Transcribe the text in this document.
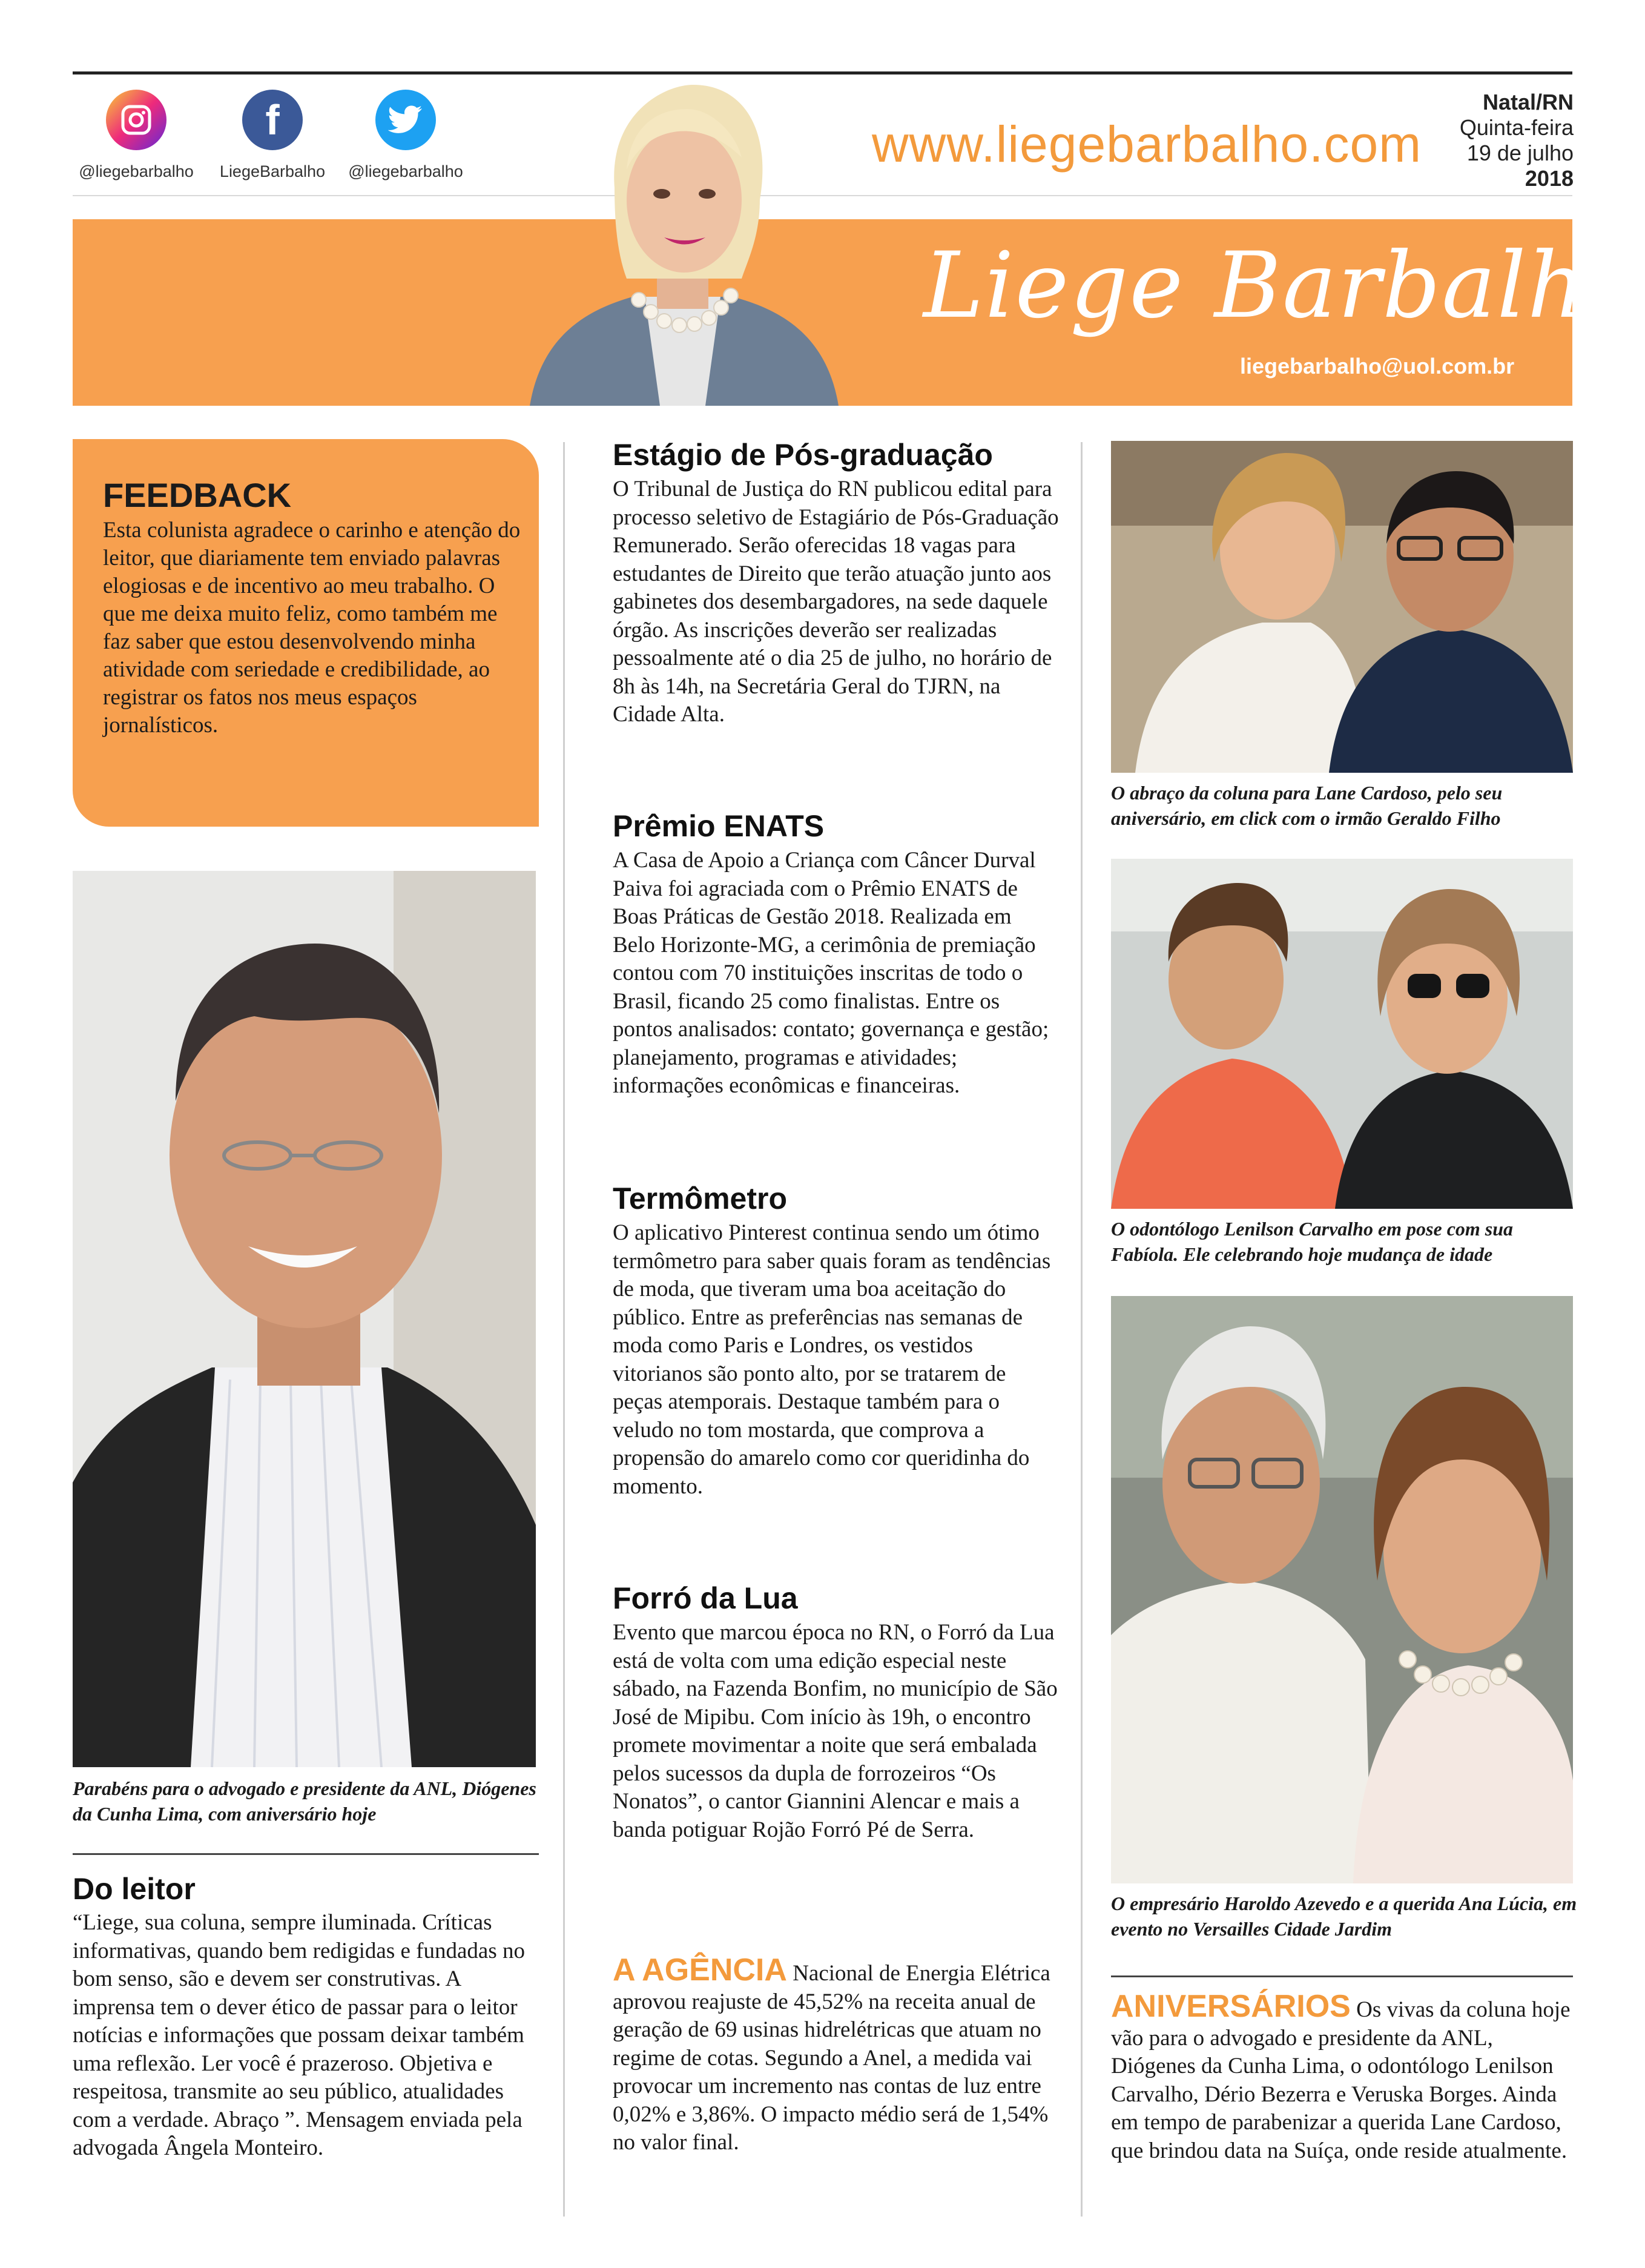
@liegebarbalho
f
LiegeBarbalho	@liegebarbalho	www.liegebarbalho.com
Natal/RN
Quinta-feira
19 de julho
2018
Liege Barbalho
liegebarbalho@uol.com.br
FEEDBACK
Esta colunista agradece o carinho e atenção do leitor, que diariamente tem enviado palavras elogiosas e de incentivo ao meu trabalho. O que me deixa muito feliz, como também me faz saber que estou desenvolvendo minha atividade com seriedade e credibilidade, ao registrar os fatos nos meus espaços jornalísticos.
Parabéns para o advogado e presidente da ANL, Diógenes da Cunha Lima, com aniversário hoje
Do leitor
“Liege, sua coluna, sempre iluminada. Críticas informativas, quando bem redigidas e fundadas no bom senso, são e devem ser construtivas. A imprensa tem o dever ético de passar para o leitor notícias e informações que possam deixar também uma reflexão. Ler você é prazeroso. Objetiva e respeitosa, transmite ao seu público, atualidades com a verdade. Abraço ”. Mensagem enviada pela advogada Ângela Monteiro.
Estágio de Pós-graduação
O Tribunal de Justiça do RN publicou edital para processo seletivo de Estagiário de Pós-Graduação Remunerado. Serão oferecidas 18 vagas para estudantes de Direito que terão atuação junto aos gabinetes dos desembargadores, na sede daquele órgão. As inscrições deverão ser realizadas pessoalmente até o dia 25 de julho, no horário de 8h às 14h, na Secretária Geral do TJRN, na Cidade Alta.
Prêmio ENATS
A Casa de Apoio a Criança com Câncer Durval Paiva foi agraciada com o Prêmio ENATS de Boas Práticas de Gestão 2018. Realizada em Belo Horizonte-MG, a cerimônia de premiação contou com 70 instituições inscritas de todo o Brasil, ficando 25 como finalistas. Entre os pontos analisados: contato; governança e gestão; planejamento, programas e atividades; informações econômicas e financeiras.
Termômetro
O aplicativo Pinterest continua sendo um ótimo termômetro para saber quais foram as tendências de moda, que tiveram uma boa aceitação do público. Entre as preferências nas semanas de moda como Paris e Londres, os vestidos vitorianos são ponto alto, por se tratarem de peças atemporais. Destaque também para o veludo no tom mostarda, que comprova a propensão do amarelo como cor queridinha do momento.
Forró da Lua
Evento que marcou época no RN, o Forró da Lua está de volta com uma edição especial neste sábado, na Fazenda Bonfim, no município de São José de Mipibu. Com início às 19h, o encontro promete movimentar a noite que será embalada pelos sucessos da dupla de forrozeiros “Os Nonatos”, o cantor Giannini Alencar e mais a banda potiguar Rojão Forró Pé de Serra.
A AGÊNCIA Nacional de Energia Elétrica aprovou reajuste de 45,52% na receita anual de geração de 69 usinas hidrelétricas que atuam no regime de cotas. Segundo a Anel, a medida vai provocar um incremento nas contas de luz entre 0,02% e 3,86%. O impacto médio será de 1,54% no valor final.
O abraço da coluna para Lane Cardoso, pelo seu aniversário, em click com o irmão Geraldo Filho
O odontólogo Lenilson Carvalho em pose com sua Fabíola. Ele celebrando hoje mudança de idade
O empresário Haroldo Azevedo e a querida Ana Lúcia, em evento no Versailles Cidade Jardim
ANIVERSÁRIOS Os vivas da coluna hoje vão para o advogado e presidente da ANL, Diógenes da Cunha Lima, o odontólogo Lenilson Carvalho, Dério Bezerra e Veruska Borges. Ainda em tempo de parabenizar a querida Lane Cardoso, que brindou data na Suíça, onde reside atualmente.
